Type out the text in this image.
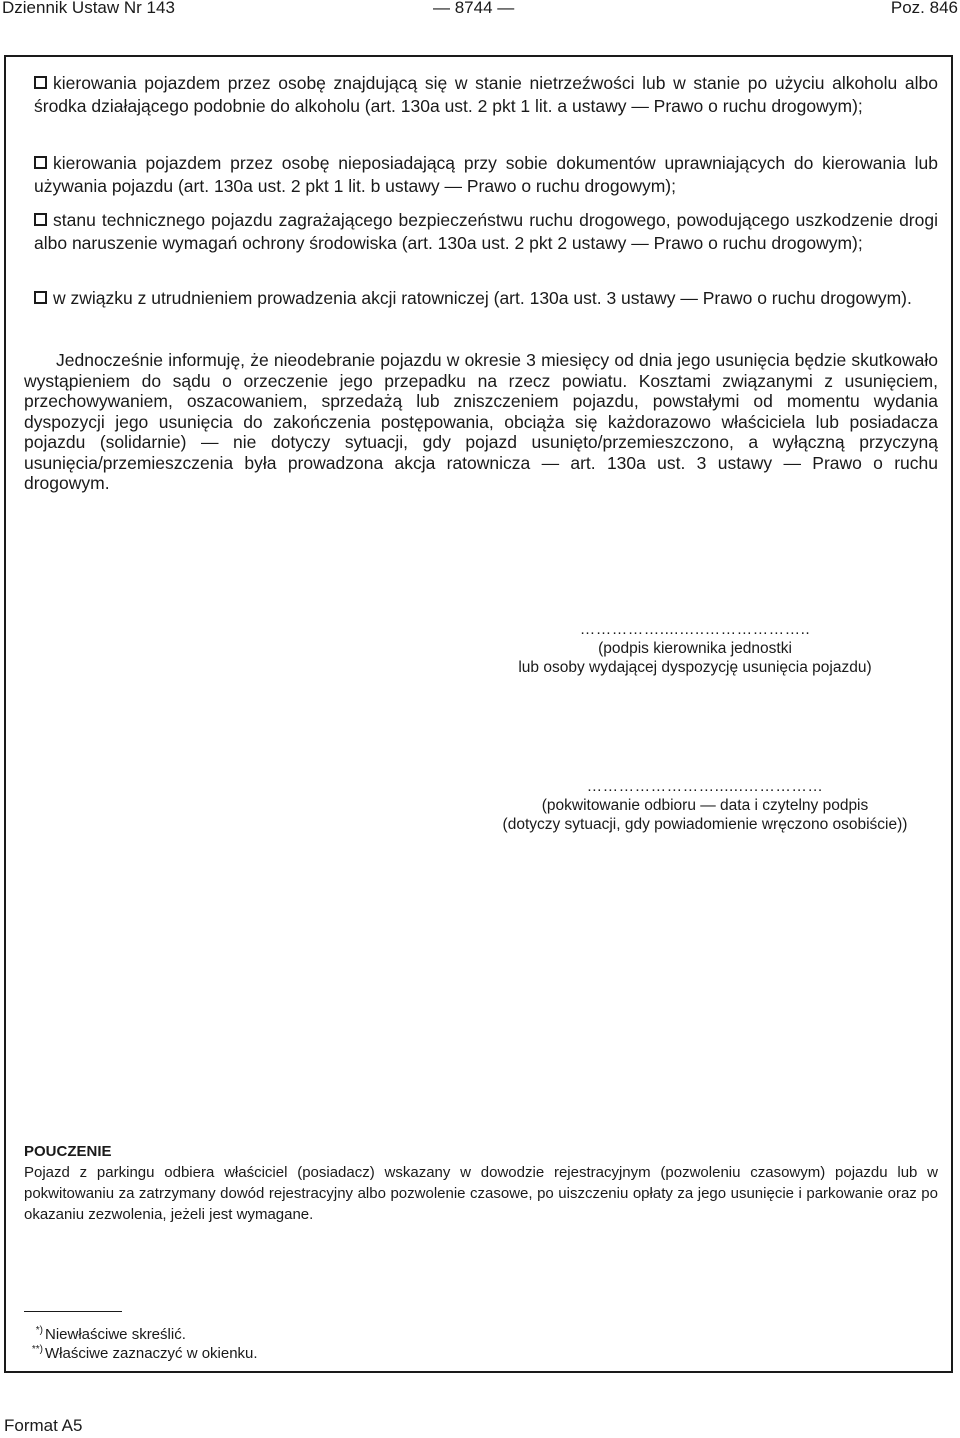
Dziennik Ustaw Nr 143	— 8744 —	Poz. 846
kierowania pojazdem przez osobę znajdującą się w stanie nietrzeźwości lub w stanie po użyciu alkoholu albo środka działającego podobnie do alkoholu (art. 130a ust. 2 pkt 1 lit. a ustawy — Prawo o ruchu drogowym);
kierowania pojazdem przez osobę nieposiadającą przy sobie dokumentów uprawniających do kierowania lub używania pojazdu (art. 130a ust. 2 pkt 1 lit. b ustawy — Prawo o ruchu drogowym);
stanu technicznego pojazdu zagrażającego bezpieczeństwu ruchu drogowego, powodującego uszkodzenie drogi albo naruszenie wymagań ochrony środowiska (art. 130a ust. 2 pkt 2 ustawy — Prawo o ruchu drogowym);
w związku z utrudnieniem prowadzenia akcji ratowniczej (art. 130a ust. 3 ustawy — Prawo o ruchu drogowym).
Jednocześnie informuję, że nieodebranie pojazdu w okresie 3 miesięcy od dnia jego usunięcia będzie skutkowało wystąpieniem do sądu o orzeczenie jego przepadku na rzecz powiatu. Kosztami związanymi z usunięciem, przechowywaniem, oszacowaniem, sprzedażą lub zniszczeniem pojazdu, powstałymi od momentu wydania dyspozycji jego usunięcia do zakończenia postępowania, obciąża się każdorazowo właściciela lub posiadacza pojazdu (solidarnie) — nie dotyczy sytuacji, gdy pojazd usunięto/przemieszczono, a wyłączną przyczyną usunięcia/przemieszczenia była prowadzona akcja ratownicza — art. 130a ust. 3 ustawy — Prawo o ruchu drogowym.
……………....…..………………..
(podpis kierownika jednostki
lub osoby wydającej dyspozycję usunięcia pojazdu)
……………………......……………
(pokwitowanie odbioru — data i czytelny podpis
(dotyczy sytuacji, gdy powiadomienie wręczono osobiście))
POUCZENIE
Pojazd z parkingu odbiera właściciel (posiadacz) wskazany w dowodzie rejestracyjnym (pozwoleniu czasowym) pojazdu lub w pokwitowaniu za zatrzymany dowód rejestracyjny albo pozwolenie czasowe, po uiszczeniu opłaty za jego usunięcie i parkowanie oraz po okazaniu zezwolenia, jeżeli jest wymagane.
*) Niewłaściwe skreślić.
**) Właściwe zaznaczyć w okienku.
Format A5
